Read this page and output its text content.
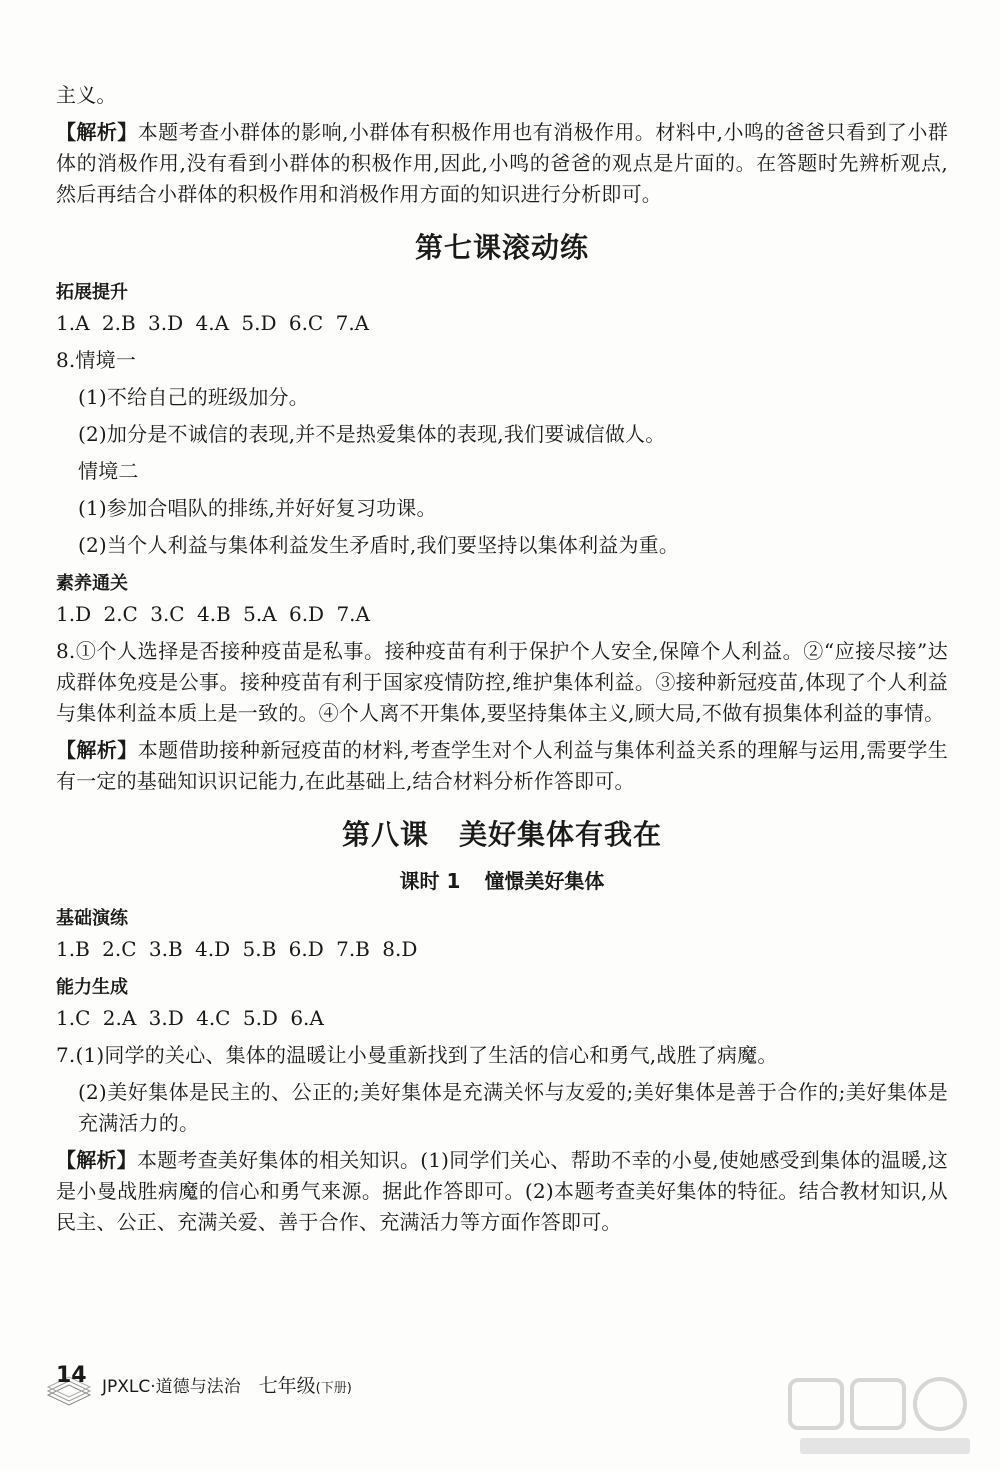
主义。

【解析】本题考查小群体的影响,小群体有积极作用也有消极作用。材料中,小鸣的爸爸只看到了小群体的消极作用,没有看到小群体的积极作用,因此,小鸣的爸爸的观点是片面的。在答题时先辨析观点,然后再结合小群体的积极作用和消极作用方面的知识进行分析即可。

第七课滚动练
拓展提升

1.A 2.B 3.D 4.A 5.D 6.C 7.A

8.情境一

(1)不给自己的班级加分。

(2)加分是不诚信的表现,并不是热爱集体的表现,我们要诚信做人。

情境二

(1)参加合唱队的排练,并好好复习功课。

(2)当个人利益与集体利益发生矛盾时,我们要坚持以集体利益为重。

素养通关

1.D 2.C 3.C 4.B 5.A 6.D 7.A

8.①个人选择是否接种疫苗是私事。接种疫苗有利于保护个人安全,保障个人利益。②“应接尽接”达成群体免疫是公事。接种疫苗有利于国家疫情防控,维护集体利益。③接种新冠疫苗,体现了个人利益与集体利益本质上是一致的。④个人离不开集体,要坚持集体主义,顾大局,不做有损集体利益的事情。

【解析】本题借助接种新冠疫苗的材料,考查学生对个人利益与集体利益关系的理解与运用,需要学生有一定的基础知识识记能力,在此基础上,结合材料分析作答即可。

第八课 美好集体有我在
课时 1 憧憬美好集体
基础演练

1.B 2.C 3.B 4.D 5.B 6.D 7.B 8.D

能力生成

1.C 2.A 3.D 4.C 5.D 6.A

7.(1)同学的关心、集体的温暖让小曼重新找到了生活的信心和勇气,战胜了病魔。

(2)美好集体是民主的、公正的;美好集体是充满关怀与友爱的;美好集体是善于合作的;美好集体是充满活力的。

【解析】本题考查美好集体的相关知识。(1)同学们关心、帮助不幸的小曼,使她感受到集体的温暖,这是小曼战胜病魔的信心和勇气来源。据此作答即可。(2)本题考查美好集体的特征。结合教材知识,从民主、公正、充满关爱、善于合作、充满活力等方面作答即可。

14 JPXLC·道德与法治 七年级(下册)
